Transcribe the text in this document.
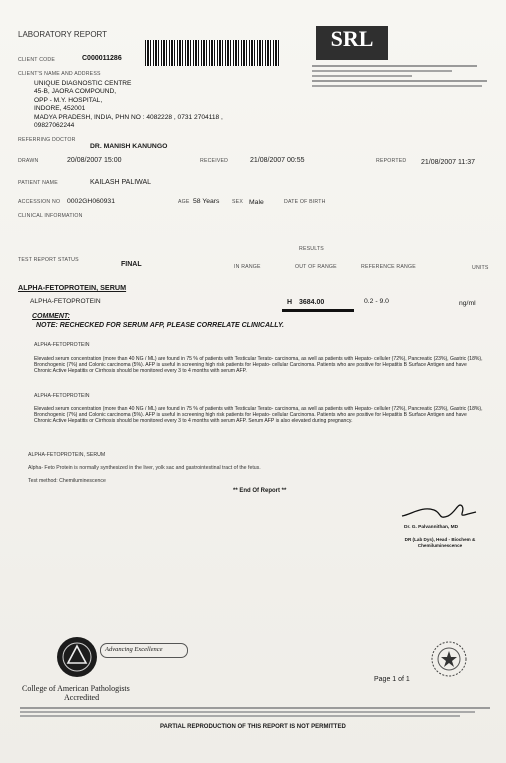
LABORATORY REPORT
CLIENT CODE	C000011286
SRL
CLIENT'S NAME AND ADDRESS
UNIQUE DIAGNOSTIC CENTRE
45-B, JAORA COMPOUND,
OPP - M.Y. HOSPITAL,
INDORE, 452001
MADYA PRADESH, INDIA, PHN NO : 4082228 , 0731 2704118 ,
09827062244
REFERRING DOCTOR
DR. MANISH KANUNGO
DRAWN	20/08/2007 15:00	RECEIVED	21/08/2007 00:55	REPORTED 21/08/2007 11:37
PATIENT NAME	KAILASH PALIWAL
ACCESSION NO 0002GH060931	AGE 58 Years SEX Male	DATE OF BIRTH
CLINICAL INFORMATION
RESULTS
TEST REPORT STATUS
FINAL	IN RANGE	OUT OF RANGE	REFERENCE RANGE	UNITS
ALPHA-FETOPROTEIN, SERUM
ALPHA-FETOPROTEIN	H 3684.00	0.2 - 9.0	ng/ml
COMMENT:
NOTE: RECHECKED FOR SERUM AFP, PLEASE CORRELATE CLINICALLY.
ALPHA-FETOPROTEIN
Elevated serum concentration (more than 40 NG / ML) are found in 75 % of patients with Testicular Terato- carcinoma, as well as patients with Hepato- celluler (72%), Pancreatic (23%), Gastric (18%), Bronchogenic (7%) and Colonic carcinoma (5%). AFP is useful in screening high risk patients for Hepato- cellular Carcinoma. Patients who are positive for Hepatitis B Surface Antigen and have Chronic Active Hepatitis or Cirrhosis should be monitored every 3 to 4 months with serum AFP.
ALPHA-FETOPROTEIN
Elevated serum concentration (more than 40 NG / ML) are found in 75 % of patients with Testicular Terato- carcinoma, as well as patients with Hepato- celluler (72%), Pancreatic (23%), Gastric (18%), Bronchogenic (7%) and Colonic carcinoma (5%). AFP is useful in screening high risk patients for Hepato- cellular Carcinoma. Patients who are positive for Hepatitis B Surface Antigen and have Chronic Active Hepatitis or Cirrhosis should be monitored every 3 to 4 months with serum AFP. Serum AFP is also elevated during pregnancy.
ALPHA-FETOPROTEIN, SERUM
Alpha- Feto Protein is normally synthesized in the liver, yolk sac and gastrointestinal tract of the fetus.
Test method: Chemiluminescence
** End Of Report **
Dr. G. Palvannithan, MD
DR (Lab Dys), Head - Biochem & Chemiluminescence
Advancing Excellence
College of American Pathologists
Accredited
Page 1 of 1
PARTIAL REPRODUCTION OF THIS REPORT IS NOT PERMITTED
